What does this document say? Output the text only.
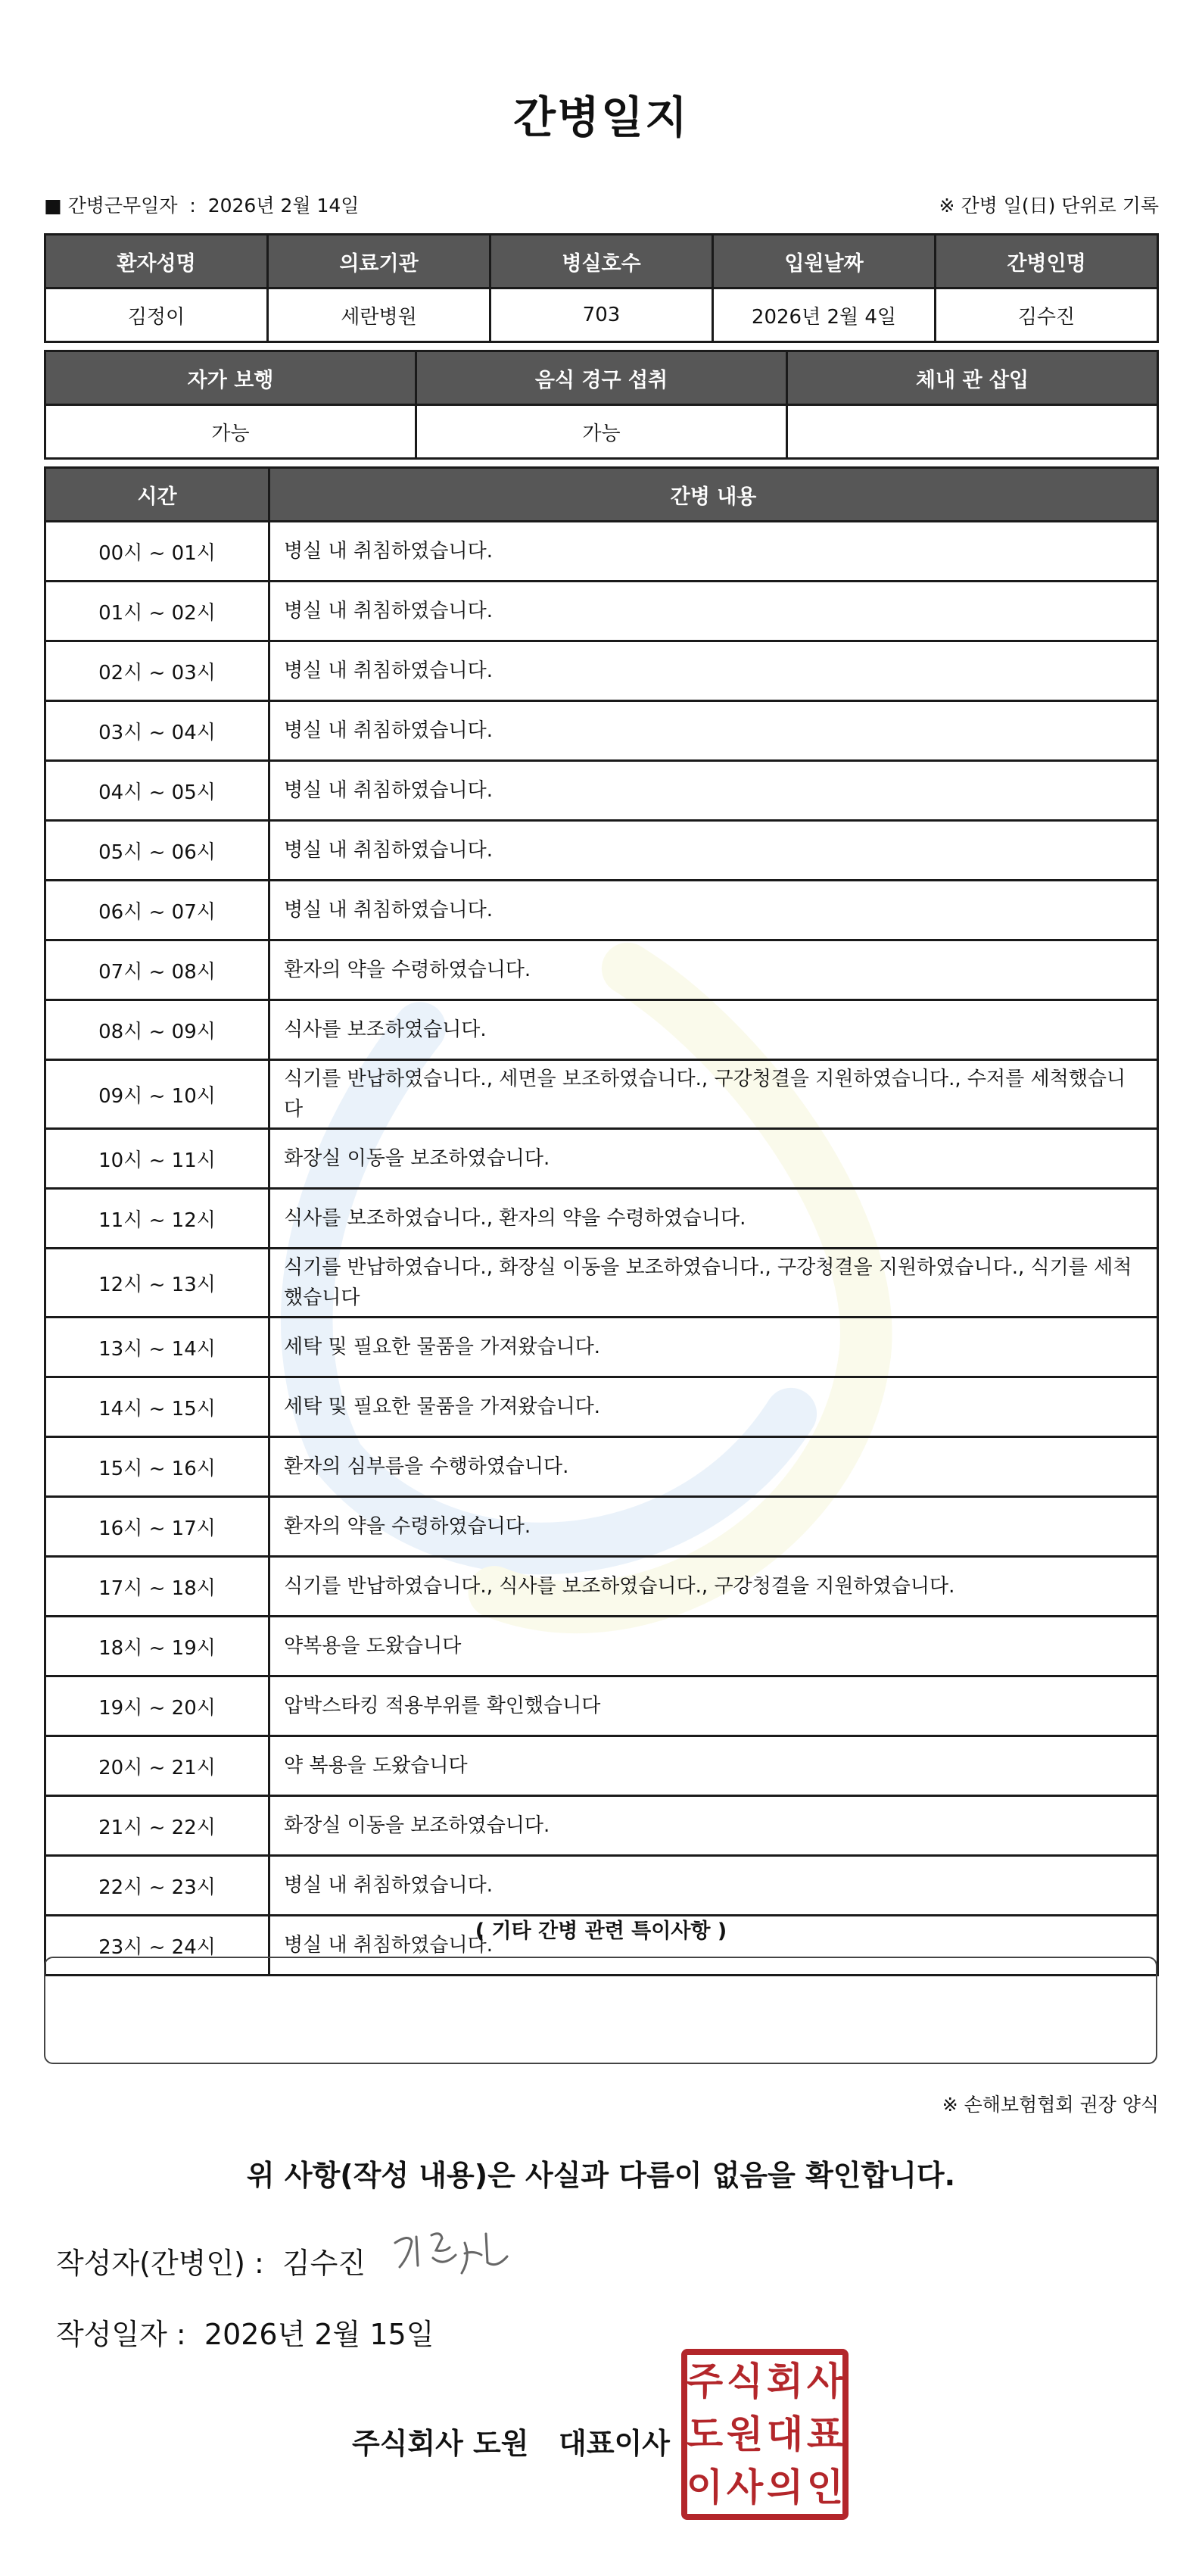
간병일지
■ 간병근무일자 : 2026년 2월 14일	※ 간병 일(日) 단위로 기록
환자성명	의료기관	병실호수	입원날짜	간병인명
김정이	세란병원	703	2026년 2월 4일	김수진
자가 보행	음식 경구 섭취	체내 관 삽입
가능	가능	
시간	간병 내용
00시 ~ 01시	병실 내 취침하였습니다.
01시 ~ 02시	병실 내 취침하였습니다.
02시 ~ 03시	병실 내 취침하였습니다.
03시 ~ 04시	병실 내 취침하였습니다.
04시 ~ 05시	병실 내 취침하였습니다.
05시 ~ 06시	병실 내 취침하였습니다.
06시 ~ 07시	병실 내 취침하였습니다.
07시 ~ 08시	환자의 약을 수령하였습니다.
08시 ~ 09시	식사를 보조하였습니다.
09시 ~ 10시	식기를 반납하였습니다., 세면을 보조하였습니다., 구강청결을 지원하였습니다., 수저를 세척했습니다
10시 ~ 11시	화장실 이동을 보조하였습니다.
11시 ~ 12시	식사를 보조하였습니다., 환자의 약을 수령하였습니다.
12시 ~ 13시	식기를 반납하였습니다., 화장실 이동을 보조하였습니다., 구강청결을 지원하였습니다., 식기를 세척했습니다
13시 ~ 14시	세탁 및 필요한 물품을 가져왔습니다.
14시 ~ 15시	세탁 및 필요한 물품을 가져왔습니다.
15시 ~ 16시	환자의 심부름을 수행하였습니다.
16시 ~ 17시	환자의 약을 수령하였습니다.
17시 ~ 18시	식기를 반납하였습니다., 식사를 보조하였습니다., 구강청결을 지원하였습니다.
18시 ~ 19시	약복용을 도왔습니다
19시 ~ 20시	압박스타킹 적용부위를 확인했습니다
20시 ~ 21시	약 복용을 도왔습니다
21시 ~ 22시	화장실 이동을 보조하였습니다.
22시 ~ 23시	병실 내 취침하였습니다.
23시 ~ 24시	병실 내 취침하였습니다.
( 기타 간병 관련 특이사항 )
※ 손해보험협회 권장 양식
위 사항(작성 내용)은 사실과 다름이 없음을 확인합니다.
작성자(간병인) : 김수진
작성일자 : 2026년 2월 15일
주식회사 도원   대표이사
주 식 회 사
도 원 대 표
이 사 의 인
